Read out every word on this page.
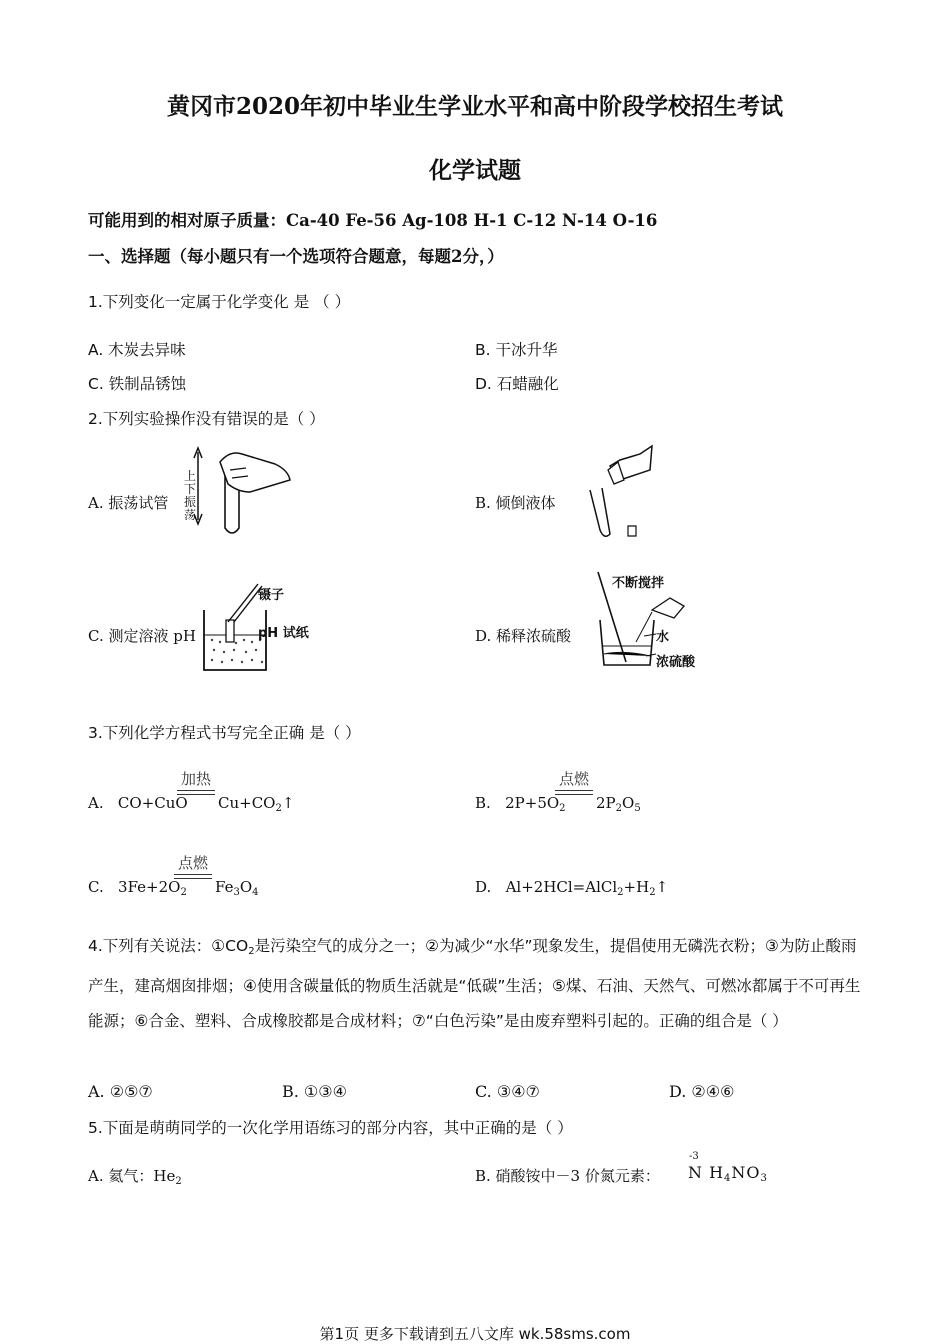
黄冈市2020年初中毕业生学业水平和高中阶段学校招生考试
化学试题
可能用到的相对原子质量：Ca-40 Fe-56 Ag-108 H-1 C-12 N-14 O-16
一、选择题（每小题只有一个选项符合题意，每题2分，）
1.下列变化一定属于化学变化 是 （ ）
A. 木炭去异味	B. 干冰升华
C. 铁制品锈蚀	D. 石蜡融化
2.下列实验操作没有错误的是（ ）
A. 振荡试管
上下振荡
B. 倾倒液体
C. 测定溶液 pH
镊子
pH 试纸	D. 稀释浓硫酸
不断搅拌
水
浓硫酸
3.下列化学方程式书写完全正确 是（ ）
A. CO+CuO
加热
$Cu+CO_2↑$	B. $2P+5O_2$
点燃
$2P_2O_5$
C. $3Fe+2O_2$
点燃
$Fe_3O_4$	D. $Al+2HCl=AlCl_2+H_2↑$
4.下列有关说法：$①CO_2$是污染空气的成分之一；②为减少“水华”现象发生，提倡使用无磷洗衣粉；③为防止酸雨产生，建高烟囱排烟；④使用含碳量低的物质生活就是“低碳”生活；⑤煤、石油、天然气、可燃冰都属于不可再生能源；⑥合金、塑料、合成橡胶都是合成材料；⑦“白色污染”是由废弃塑料引起的。正确的组合是（ ）
A. ②⑤⑦	B. ①③④	C. ③④⑦	D. ②④⑥
5.下面是萌萌同学的一次化学用语练习的部分内容，其中正确的是（ ）
A. 氦气：$He_2$	B. 硝酸铵中－3 价氮元素：
-3
N $H_4NO_3$
第1页 更多下载请到五八文库 wk.58sms.com
